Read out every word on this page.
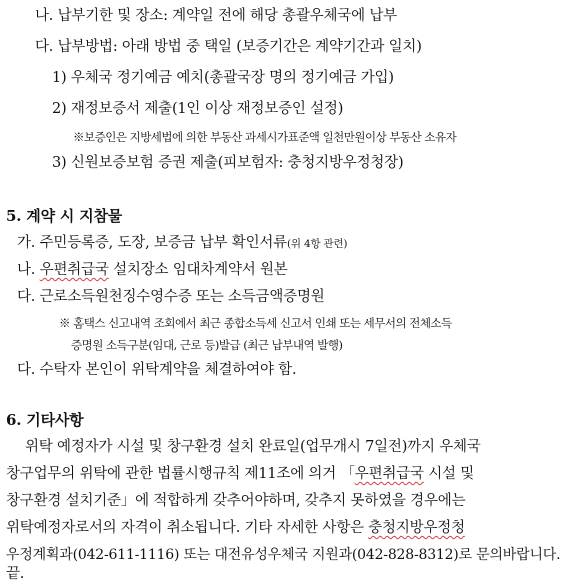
나. 납부기한 및 장소: 계약일 전에 해당 총괄우체국에 납부
다. 납부방법: 아래 방법 중 택일 (보증기간은 계약기간과 일치)
1) 우체국 정기예금 예치(총괄국장 명의 정기예금 가입)
2) 재정보증서 제출(1인 이상 재정보증인 설정)
※보증인은 지방세법에 의한 부동산 과세시가표준액 일천만원이상 부동산 소유자
3) 신원보증보험 증권 제출(피보험자: 충청지방우정청장)
5. 계약 시 지참물
가. 주민등록증, 도장, 보증금 납부 확인서류(위 4항 관련)
나. 우편취급국 설치장소 임대차계약서 원본
다. 근로소득원천징수영수증 또는 소득금액증명원
※ 홈택스 신고내역 조회에서 최근 종합소득세 신고서 인쇄 또는 세무서의 전체소득
증명원 소득구분(임대, 근로 등)발급 (최근 납부내역 발행)
다. 수탁자 본인이 위탁계약을 체결하여야 함.
6. 기타사항
위탁 예정자가 시설 및 창구환경 설치 완료일(업무개시 7일전)까지 우체국
창구업무의 위탁에 관한 법률시행규칙 제11조에 의거 「우편취급국 시설 및
창구환경 설치기준」에 적합하게 갖추어야하며, 갖추지 못하였을 경우에는
위탁예정자로서의 자격이 취소됩니다. 기타 자세한 사항은 충청지방우정청
우정계획과(042-611-1116) 또는 대전유성우체국 지원과(042-828-8312)로 문의바랍니다.
끝.
